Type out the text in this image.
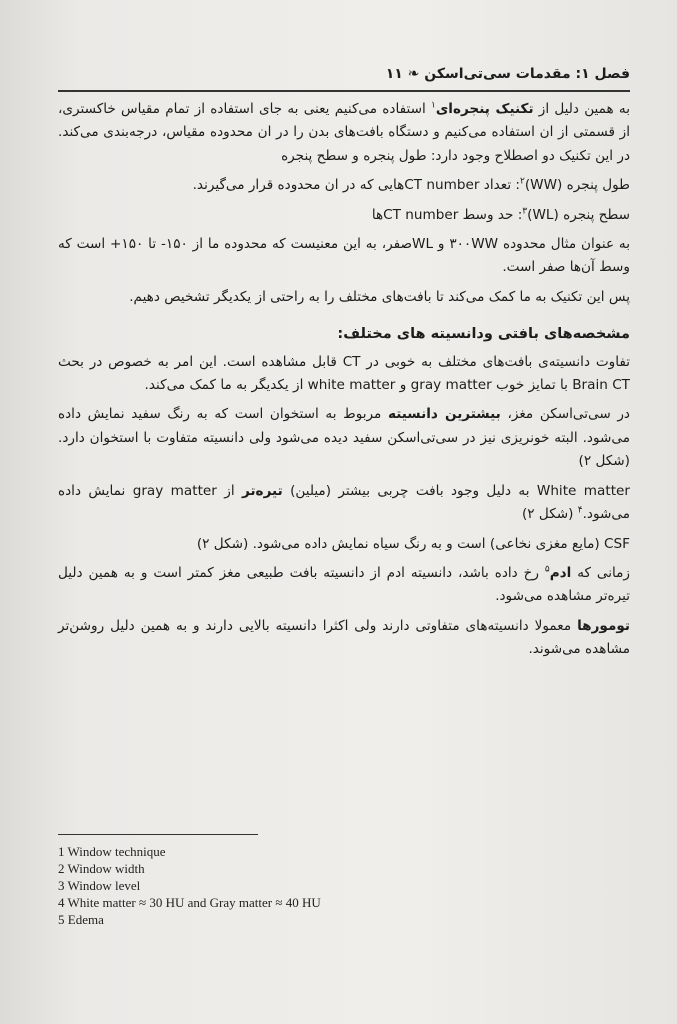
فصل ۱: مقدمات سی‌تی‌اسکن ❧ ۱۱

به همین دلیل از تکنیک پنجره‌ای$^۱$ استفاده می‌کنیم یعنی به جای استفاده از تمام مقیاس خاکستری، از قسمتی از ان استفاده می‌کنیم و دستگاه بافت‌های بدن را در ان محدوده مقیاس، درجه‌بندی می‌کند. در این تکنیک دو اصطلاح وجود دارد: طول پنجره و سطح پنجره

طول پنجره (WW)$^۲$: تعداد CT numberهایی که در ان محدوده قرار می‌گیرند.

سطح پنجره (WL)$^۳$: حد وسط CT numberها

به عنوان مثال محدوده ۳۰۰WW و WLصفر، به این معنیست که محدوده ما از ۱۵۰- تا ۱۵۰+ است که وسط آن‌ها صفر است.

پس این تکنیک به ما کمک می‌کند تا بافت‌های مختلف را به راحتی از یکدیگر تشخیص دهیم.

مشخصه‌های بافتی ودانسیته های مختلف:

تفاوت دانسیته‌ی بافت‌های مختلف به خوبی در CT قابل مشاهده است. این امر به خصوص در بحث Brain CT با تمایز خوب gray matter و white matter از یکدیگر به ما کمک می‌کند.

در سی‌تی‌اسکن مغز، بیشترین دانسیته مربوط به استخوان است که به رنگ سفید نمایش داده می‌شود. البته خونریزی نیز در سی‌تی‌اسکن سفید دیده می‌شود ولی دانسیته متفاوت با استخوان دارد. (شکل ۲)

White matter به دلیل وجود بافت چربی بیشتر (میلین) تیره‌تر از gray matter نمایش داده می‌شود.$^۴$ (شکل ۲)

CSF (مایع مغزی نخاعی) است و به رنگ سیاه نمایش داده می‌شود. (شکل ۲)

زمانی که ادم$^۵$ رخ داده باشد، دانسیته ادم از دانسیته بافت طبیعی مغز کمتر است و به همین دلیل تیره‌تر مشاهده می‌شود.

تومورها معمولا دانسیته‌های متفاوتی دارند ولی اکثرا دانسیته بالایی دارند و به همین دلیل روشن‌تر مشاهده می‌شوند.

1 Window technique
2 Window width
3 Window level
4 White matter ≈ 30 HU and Gray matter ≈ 40 HU
5 Edema
